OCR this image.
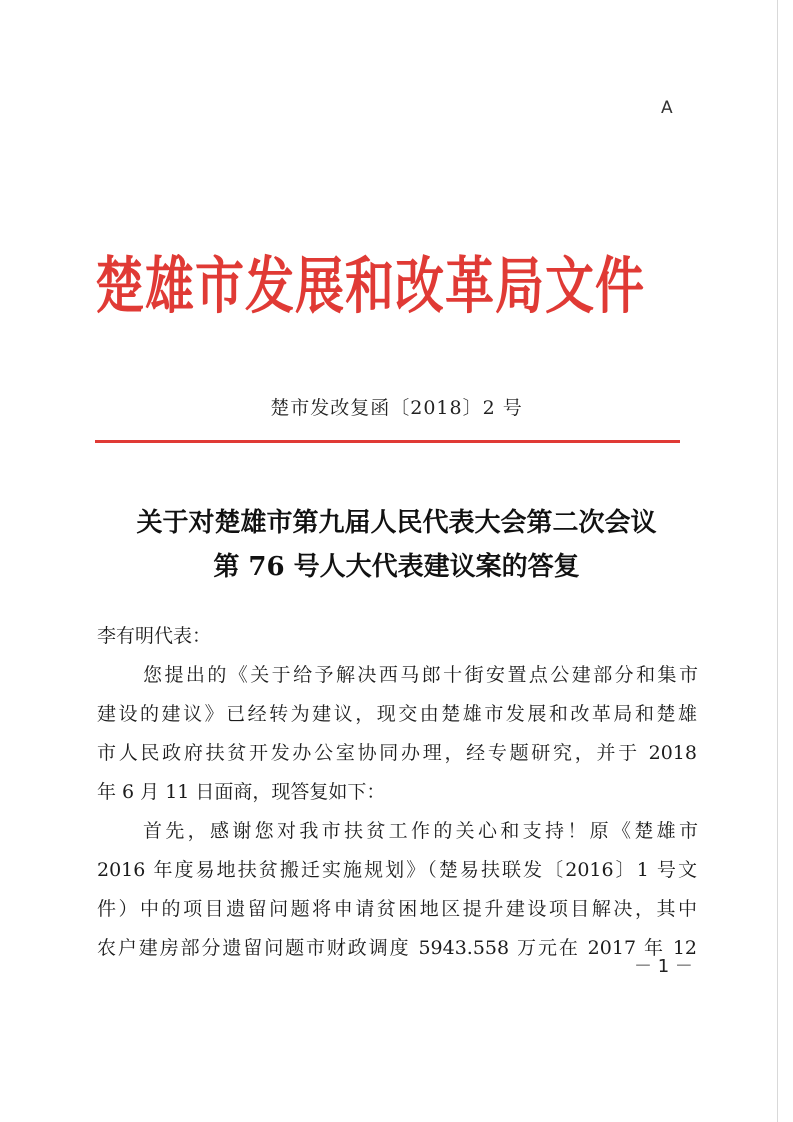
A
楚雄市发展和改革局文件
楚市发改复函〔2018〕2 号
关于对楚雄市第九届人民代表大会第二次会议
第 76 号人大代表建议案的答复
李有明代表：
您提出的《关于给予解决西马郎十街安置点公建部分和集市
建设的建议》已经转为建议，现交由楚雄市发展和改革局和楚雄
市人民政府扶贫开发办公室协同办理，经专题研究，并于 2018
年 6 月 11 日面商，现答复如下：
首先，感谢您对我市扶贫工作的关心和支持！原《楚雄市
2016 年度易地扶贫搬迁实施规划》（楚易扶联发〔2016〕1 号文
件）中的项目遗留问题将申请贫困地区提升建设项目解决，其中
农户建房部分遗留问题市财政调度 5943.558 万元在 2017 年 12
－ 1 －
